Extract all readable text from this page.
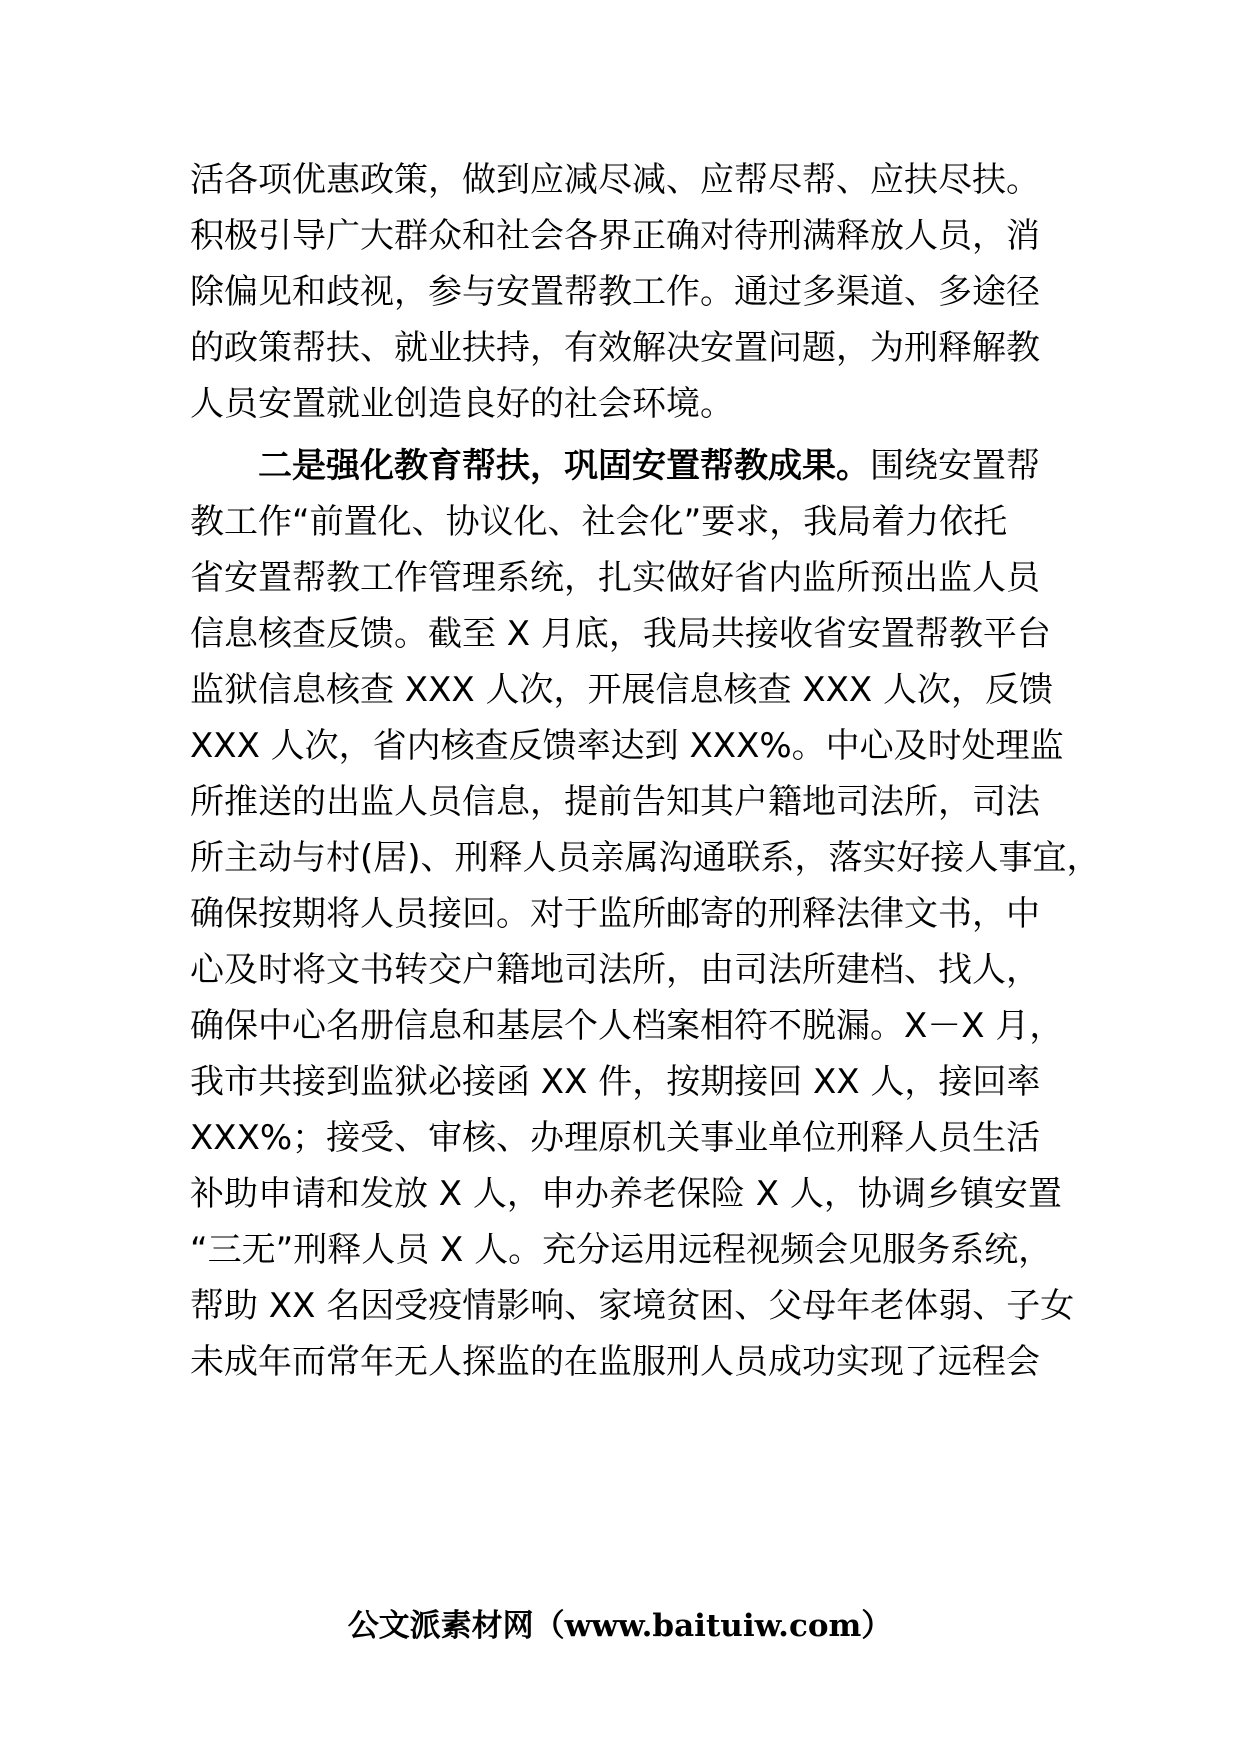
活各项优惠政策，做到应减尽减、应帮尽帮、应扶尽扶。
积极引导广大群众和社会各界正确对待刑满释放人员，消
除偏见和歧视，参与安置帮教工作。通过多渠道、多途径
的政策帮扶、就业扶持，有效解决安置问题，为刑释解教
人员安置就业创造良好的社会环境。
二是强化教育帮扶，巩固安置帮教成果。围绕安置帮
教工作“前置化、协议化、社会化”要求，我局着力依托
省安置帮教工作管理系统，扎实做好省内监所预出监人员
信息核查反馈。截至 X 月底，我局共接收省安置帮教平台
监狱信息核查 XXX 人次，开展信息核查 XXX 人次，反馈
XXX 人次，省内核查反馈率达到 XXX%。中心及时处理监
所推送的出监人员信息，提前告知其户籍地司法所，司法
所主动与村(居)、刑释人员亲属沟通联系，落实好接人事宜，
确保按期将人员接回。对于监所邮寄的刑释法律文书，中
心及时将文书转交户籍地司法所，由司法所建档、找人，
确保中心名册信息和基层个人档案相符不脱漏。X－X 月，
我市共接到监狱必接函 XX 件，按期接回 XX 人，接回率
XXX%；接受、审核、办理原机关事业单位刑释人员生活
补助申请和发放 X 人，申办养老保险 X 人，协调乡镇安置
“三无”刑释人员 X 人。充分运用远程视频会见服务系统，
帮助 XX 名因受疫情影响、家境贫困、父母年老体弱、子女
未成年而常年无人探监的在监服刑人员成功实现了远程会
公文派素材网（www.baituiw.com）
